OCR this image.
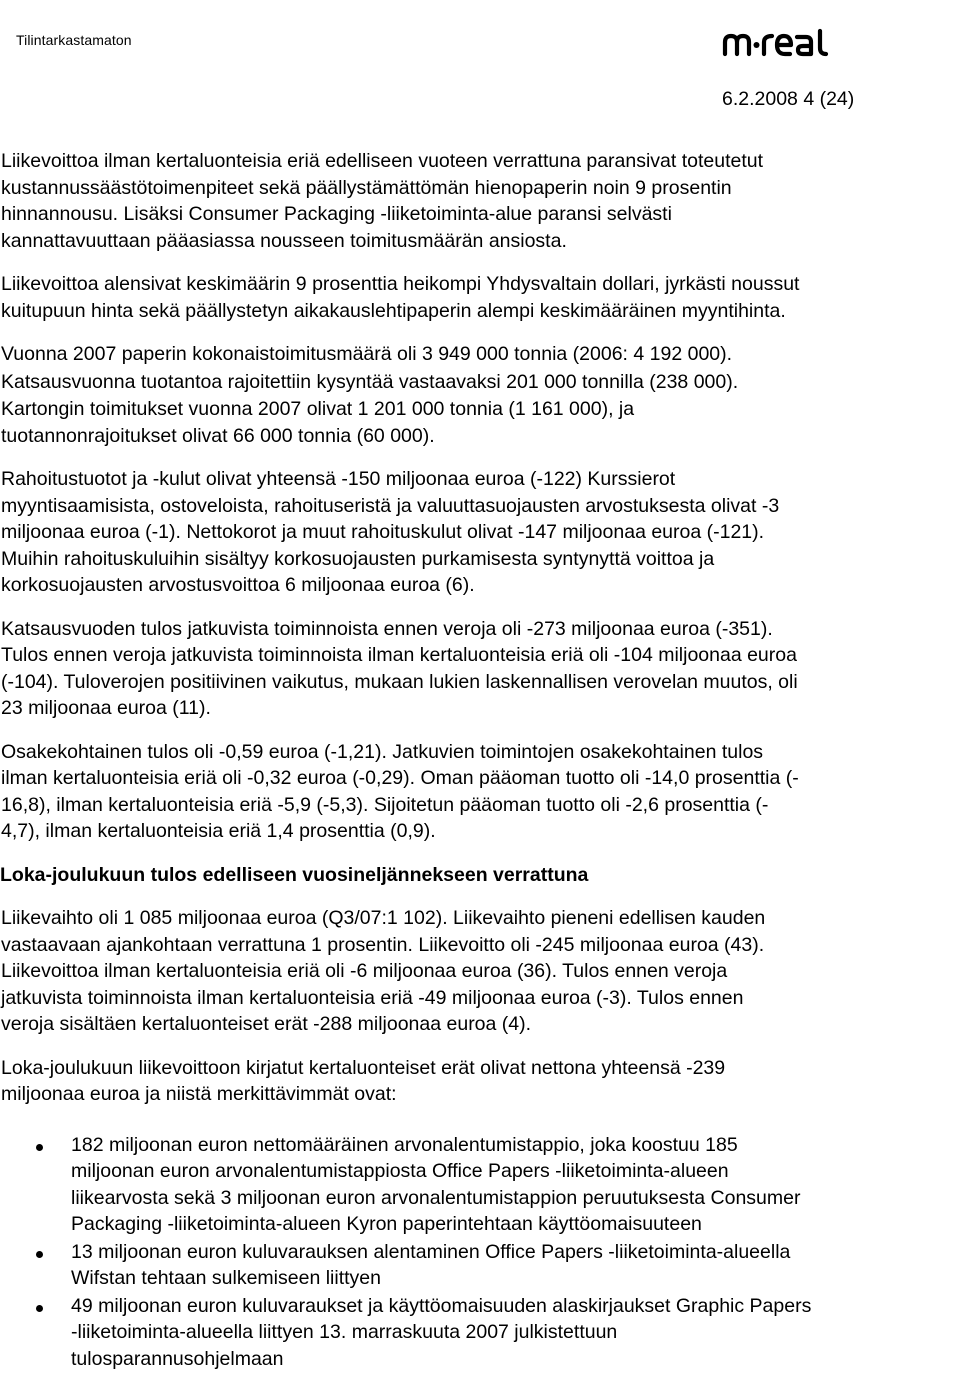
Tilintarkastamaton
6.2.2008 4 (24)

Liikevoittoa ilman kertaluonteisia eriä edelliseen vuoteen verrattuna paransivat toteutetut
kustannussäästötoimenpiteet sekä päällystämättömän hienopaperin noin 9 prosentin
hinnannousu. Lisäksi Consumer Packaging -liiketoiminta-alue paransi selvästi
kannattavuuttaan pääasiassa nousseen toimitusmäärän ansiosta.

Liikevoittoa alensivat keskimäärin 9 prosenttia heikompi Yhdysvaltain dollari, jyrkästi noussut
kuitupuun hinta sekä päällystetyn aikakauslehtipaperin alempi keskimääräinen myyntihinta.

Vuonna 2007 paperin kokonaistoimitusmäärä oli 3 949 000 tonnia (2006: 4 192 000).

Katsausvuonna tuotantoa rajoitettiin kysyntää vastaavaksi 201 000 tonnilla (238 000).

Kartongin toimitukset vuonna 2007 olivat 1 201 000 tonnia (1 161 000), ja
tuotannonrajoitukset olivat 66 000 tonnia (60 000).

Rahoitustuotot ja -kulut olivat yhteensä -150 miljoonaa euroa (-122) Kurssierot
myyntisaamisista, ostoveloista, rahoituseristä ja valuuttasuojausten arvostuksesta olivat -3
miljoonaa euroa (-1). Nettokorot ja muut rahoituskulut olivat -147 miljoonaa euroa (-121).
Muihin rahoituskuluihin sisältyy korkosuojausten purkamisesta syntynyttä voittoa ja
korkosuojausten arvostusvoittoa 6 miljoonaa euroa (6).

Katsausvuoden tulos jatkuvista toiminnoista ennen veroja oli -273 miljoonaa euroa (-351).
Tulos ennen veroja jatkuvista toiminnoista ilman kertaluonteisia eriä oli -104 miljoonaa euroa
(-104). Tuloverojen positiivinen vaikutus, mukaan lukien laskennallisen verovelan muutos, oli
23 miljoonaa euroa (11).

Osakekohtainen tulos oli -0,59 euroa (-1,21). Jatkuvien toimintojen osakekohtainen tulos
ilman kertaluonteisia eriä oli -0,32 euroa (-0,29). Oman pääoman tuotto oli -14,0 prosenttia (-
16,8), ilman kertaluonteisia eriä -5,9 (-5,3). Sijoitetun pääoman tuotto oli -2,6 prosenttia (-
4,7), ilman kertaluonteisia eriä 1,4 prosenttia (0,9).

Loka-joulukuun tulos edelliseen vuosineljännekseen verrattuna

Liikevaihto oli 1 085 miljoonaa euroa (Q3/07:1 102). Liikevaihto pieneni edellisen kauden
vastaavaan ajankohtaan verrattuna 1 prosentin. Liikevoitto oli -245 miljoonaa euroa (43).
Liikevoittoa ilman kertaluonteisia eriä oli -6 miljoonaa euroa (36). Tulos ennen veroja
jatkuvista toiminnoista ilman kertaluonteisia eriä -49 miljoonaa euroa (-3). Tulos ennen
veroja sisältäen kertaluonteiset erät -288 miljoonaa euroa (4).

Loka-joulukuun liikevoittoon kirjatut kertaluonteiset erät olivat nettona yhteensä -239
miljoonaa euroa ja niistä merkittävimmät ovat:

182 miljoonan euron nettomääräinen arvonalentumistappio, joka koostuu 185
miljoonan euron arvonalentumistappiosta Office Papers -liiketoiminta-alueen
liikearvosta sekä 3 miljoonan euron arvonalentumistappion peruutuksesta Consumer
Packaging -liiketoiminta-alueen Kyron paperintehtaan käyttöomaisuuteen
13 miljoonan euron kuluvarauksen alentaminen Office Papers -liiketoiminta-alueella
Wifstan tehtaan sulkemiseen liittyen
49 miljoonan euron kuluvaraukset ja käyttöomaisuuden alaskirjaukset Graphic Papers
-liiketoiminta-alueella liittyen 13. marraskuuta 2007 julkistettuun
tulosparannusohjelmaan
